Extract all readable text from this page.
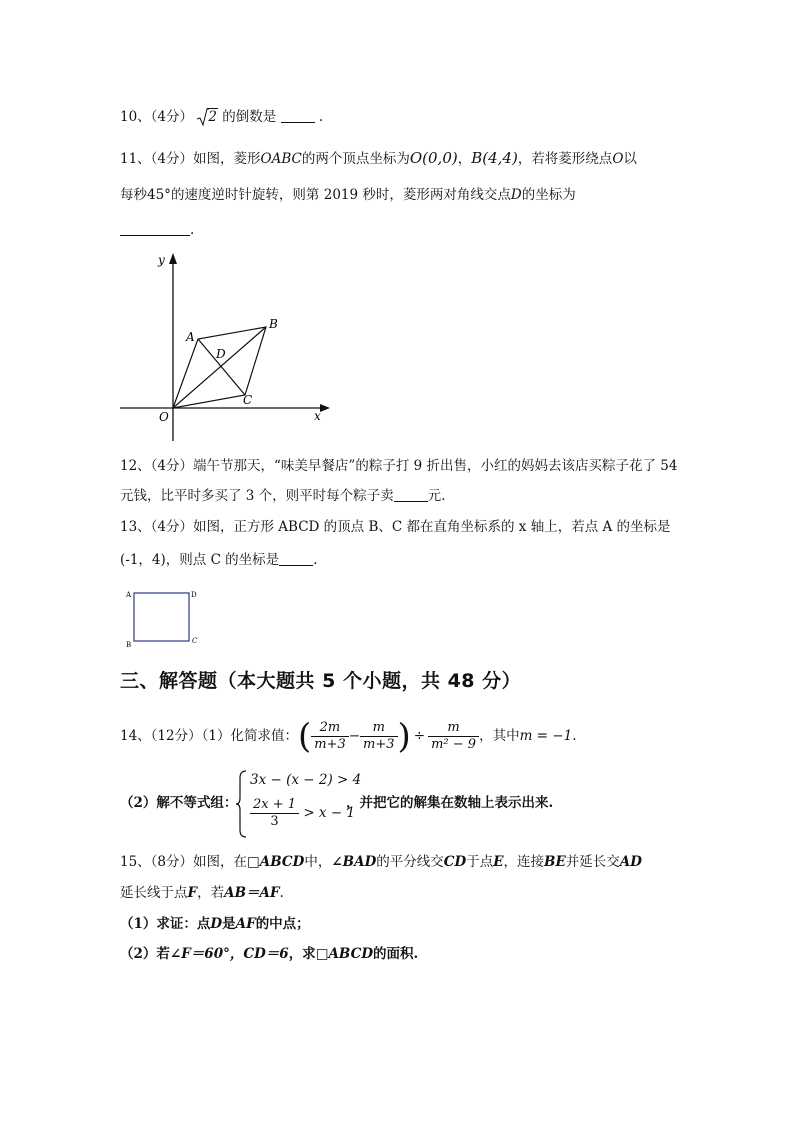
10、（4分） 2 的倒数是	.
11、（4分）如图，菱形OABC的两个顶点坐标为O(0,0)，B(4,4)，若将菱形绕点O以
每秒45°的速度逆时针旋转，则第 2019 秒时，菱形两对角线交点D的坐标为
.
y
x
O
A
B
C
D
12、（4分）端午节那天，“味美早餐店”的粽子打 9 折出售，小红的妈妈去该店买粽子花了 54
元钱，比平时多买了 3 个，则平时每个粽子卖	元.
13、（4分）如图，正方形 ABCD 的顶点 B、C 都在直角坐标系的 x 轴上，若点 A 的坐标是
(-1，4)，则点 C 的坐标是	.
A	D
B	C
三、解答题（本大题共 5 个小题，共 48 分）
14、（12分）（1）化简求值：( $\frac{2m}{m+3} - \frac{m}{m+3}$ ) ÷ $\frac{m}{\text{m² − 9}}$ ，其中m = −1.
（2）解不等式组：
3x − (x − 2) > 4
$\frac{2x + 1}{3} > x - 1$
，并把它的解集在数轴上表示出来.
15、（8分）如图，在□ABCD中，∠BAD的平分线交CD于点E，连接BE并延长交AD
延长线于点F，若AB＝AF.
（1）求证：点D是AF的中点；
（2）若∠F＝60°，CD＝6，求□ABCD的面积.
